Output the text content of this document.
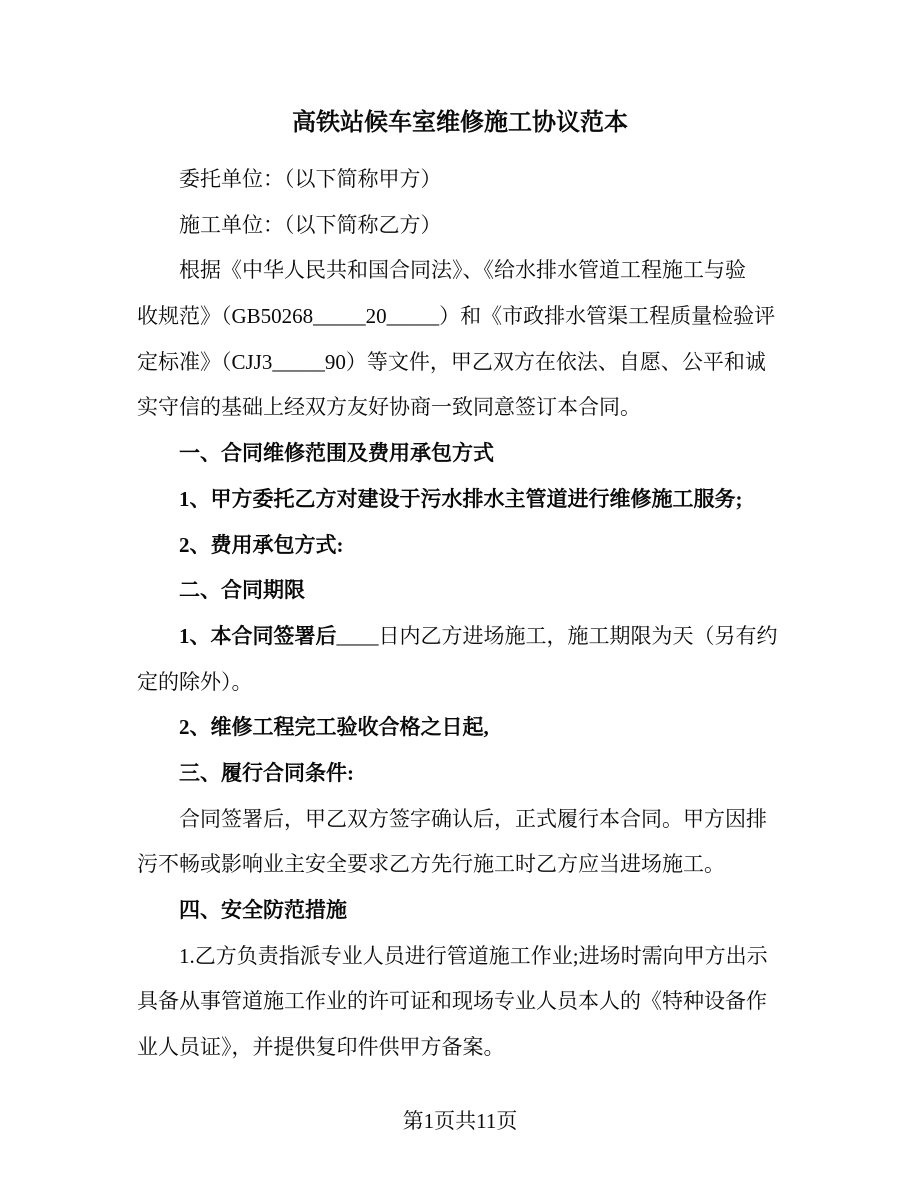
高铁站候车室维修施工协议范本
委托单位：（以下简称甲方）
施工单位：（以下简称乙方）
根据《中华人民共和国合同法》、《给水排水管道工程施工与验
收规范》（GB50268_____20_____）和《市政排水管渠工程质量检验评
定标准》（CJJ3_____90）等文件，甲乙双方在依法、自愿、公平和诚
实守信的基础上经双方友好协商一致同意签订本合同。
一、合同维修范围及费用承包方式
1、甲方委托乙方对建设于污水排水主管道进行维修施工服务;
2、费用承包方式:
二、合同期限
1、本合同签署后____日内乙方进场施工，施工期限为天（另有约
定的除外）。
2、维修工程完工验收合格之日起,
三、履行合同条件:
合同签署后，甲乙双方签字确认后，正式履行本合同。甲方因排
污不畅或影响业主安全要求乙方先行施工时乙方应当进场施工。
四、安全防范措施
1.乙方负责指派专业人员进行管道施工作业;进场时需向甲方出示
具备从事管道施工作业的许可证和现场专业人员本人的《特种设备作
业人员证》，并提供复印件供甲方备案。
第1页共11页
